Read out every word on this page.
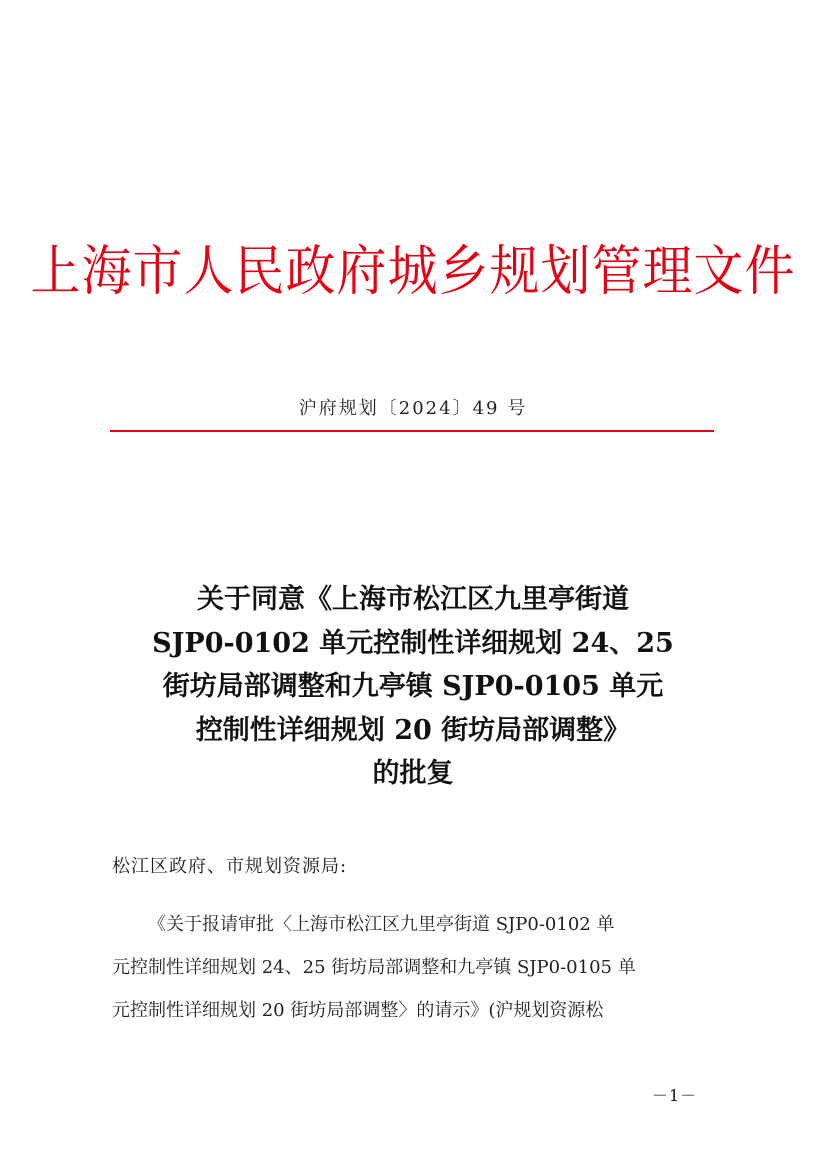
上海市人民政府城乡规划管理文件
沪府规划〔2024〕49 号
关于同意《上海市松江区九里亭街道
SJP0-0102 单元控制性详细规划 24、25
街坊局部调整和九亭镇 SJP0-0105 单元
控制性详细规划 20 街坊局部调整》
的批复
松江区政府、市规划资源局:
《关于报请审批〈上海市松江区九里亭街道 SJP0-0102 单
元控制性详细规划 24、25 街坊局部调整和九亭镇 SJP0-0105 单
元控制性详细规划 20 街坊局部调整〉的请示》(沪规划资源松
－1－
